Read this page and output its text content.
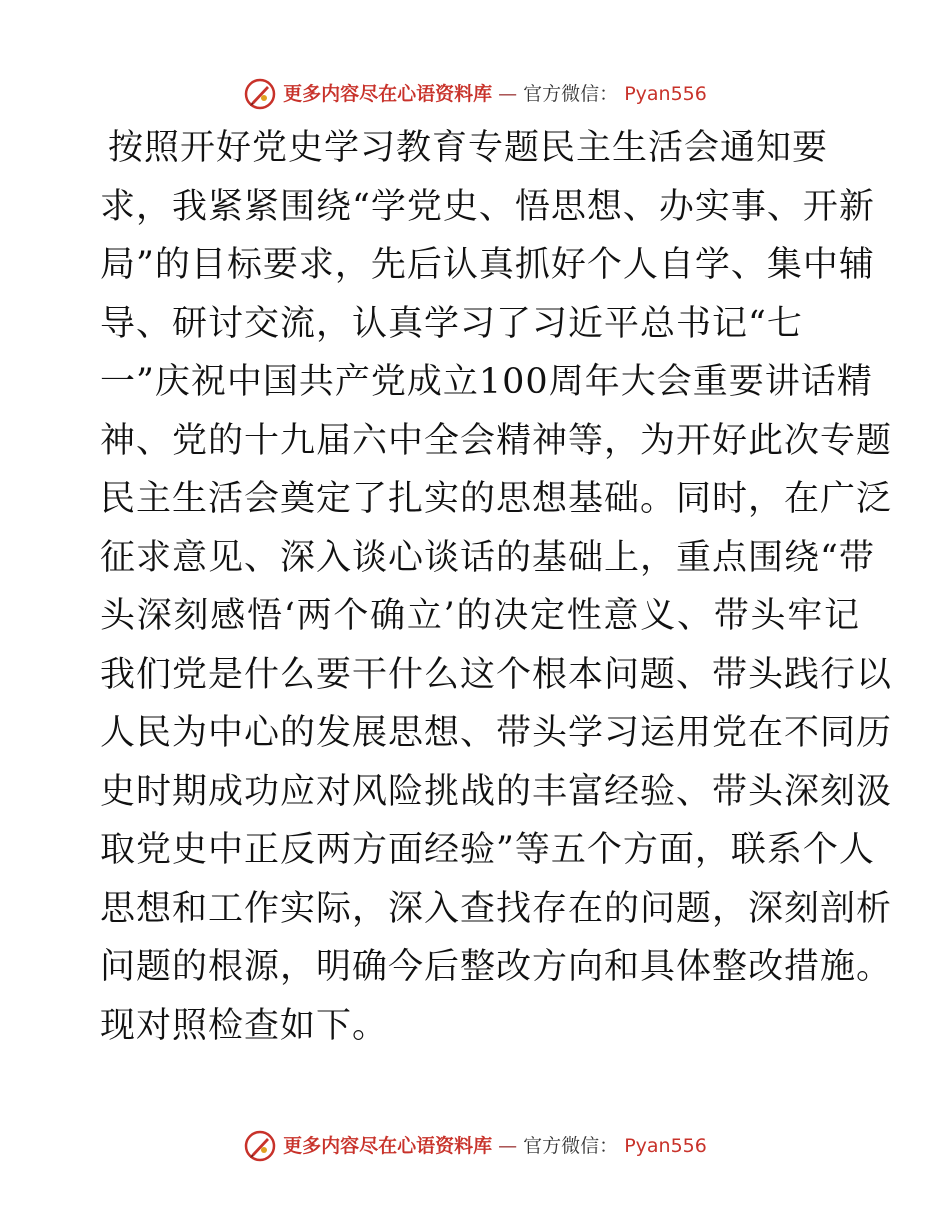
更多内容尽在心语资料库 — 官方微信： Pyan556
按照开好党史学习教育专题民主生活会通知要
求，我紧紧围绕“学党史、悟思想、办实事、开新
局”的目标要求，先后认真抓好个人自学、集中辅
导、研讨交流，认真学习了习近平总书记“七
一”庆祝中国共产党成立100周年大会重要讲话精
神、党的十九届六中全会精神等，为开好此次专题
民主生活会奠定了扎实的思想基础。同时，在广泛
征求意见、深入谈心谈话的基础上，重点围绕“带
头深刻感悟‘两个确立’的决定性意义、带头牢记
我们党是什么要干什么这个根本问题、带头践行以
人民为中心的发展思想、带头学习运用党在不同历
史时期成功应对风险挑战的丰富经验、带头深刻汲
取党史中正反两方面经验”等五个方面，联系个人
思想和工作实际，深入查找存在的问题，深刻剖析
问题的根源，明确今后整改方向和具体整改措施。
现对照检查如下。
更多内容尽在心语资料库 — 官方微信： Pyan556
